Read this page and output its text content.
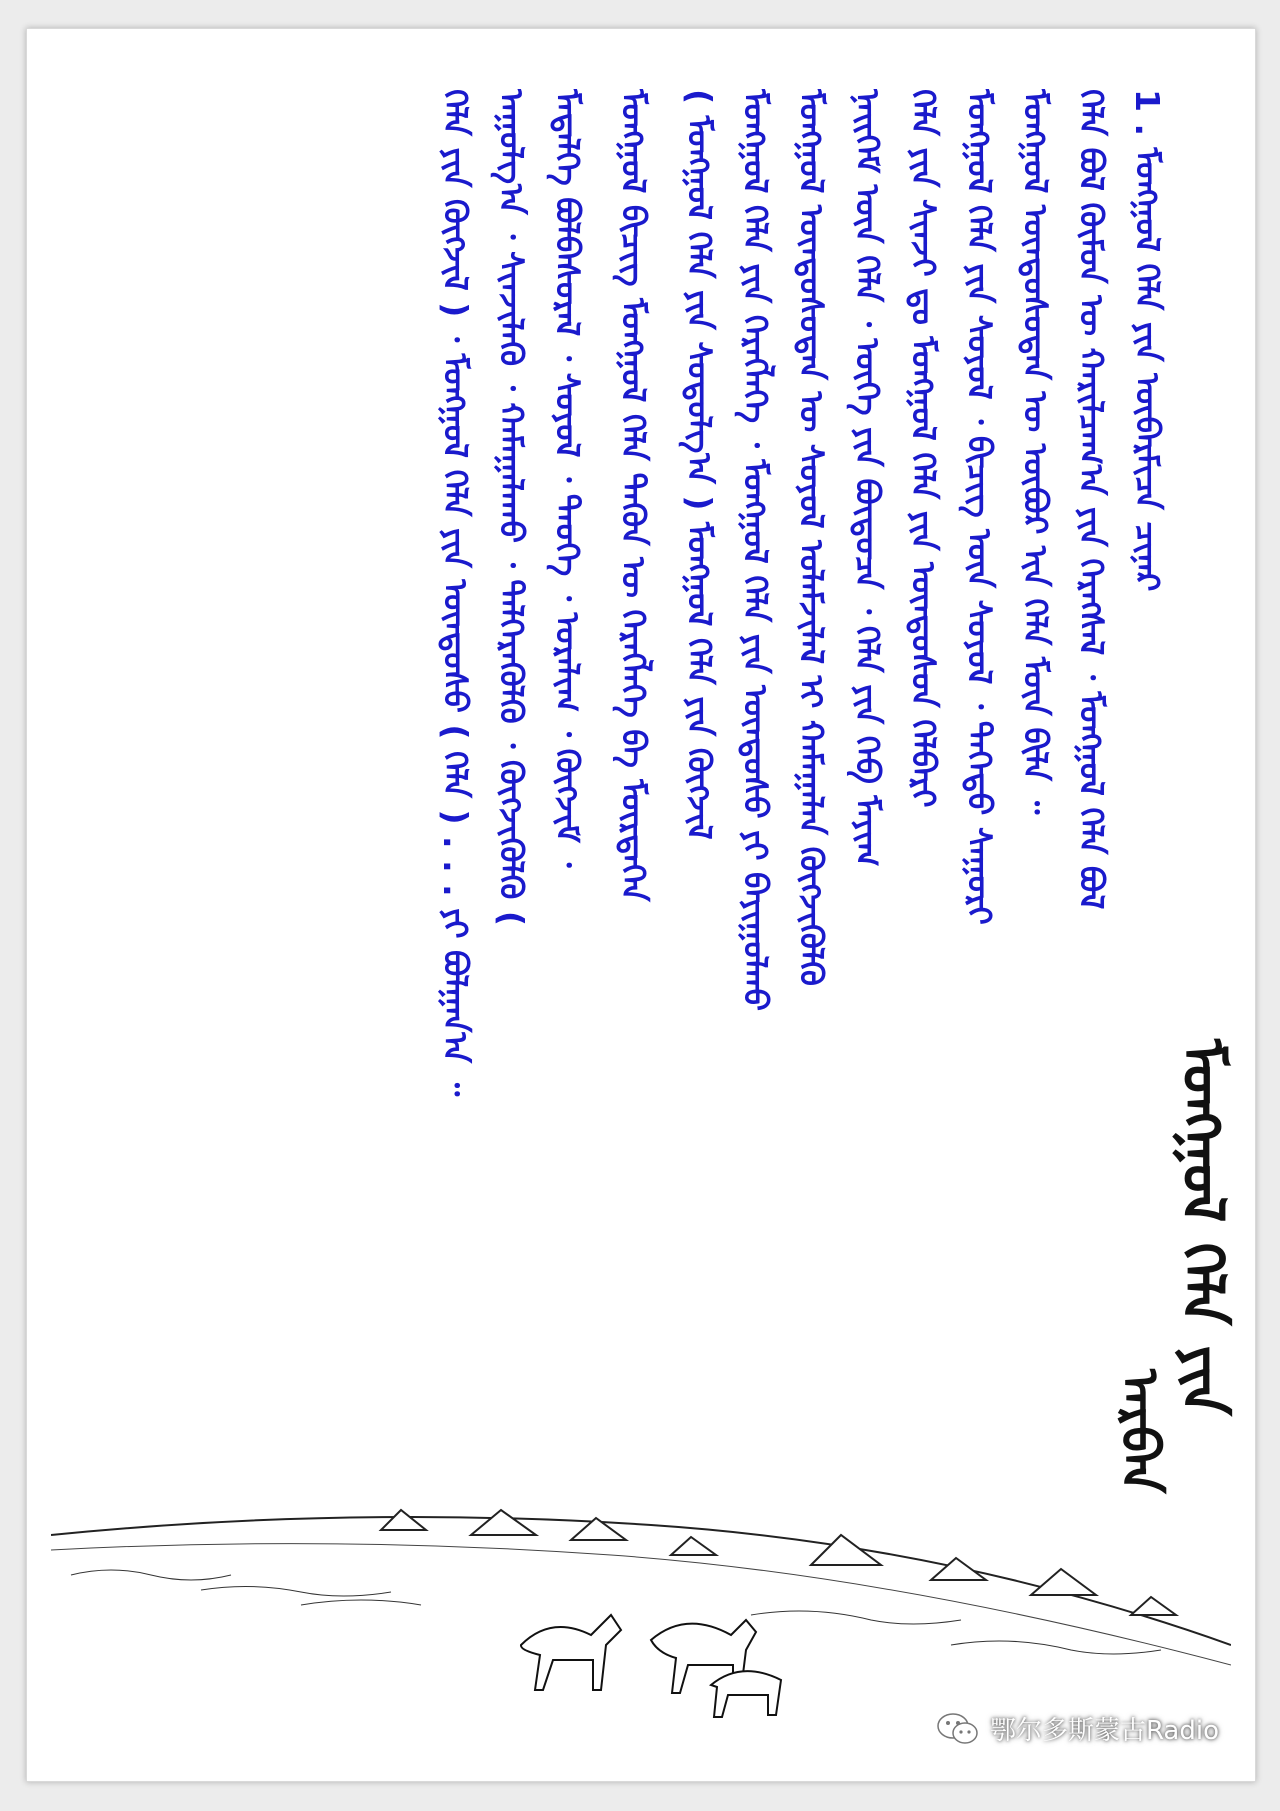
1 . ᠮᠣᠩᠭᠣᠯ ᠬᠡᠯᠡ ᠶᠢᠨ ᠥᠪᠡᠷᠮᠢᠴᠡ ᠴᠢᠨᠠᠷ

ᠬᠡᠯᠡ ᠪᠣᠯ ᠬᠦᠮᠦᠨ ᠦ ᠬᠠᠷᠢᠯᠴᠠᠭ᠎ᠠ ᠶᠢᠨ ᠬᠡᠷᠡᠭᠰᠡᠯ ᠂ ᠮᠣᠩᠭᠣᠯ ᠬᠡᠯᠡ ᠪᠣᠯ

ᠮᠣᠩᠭᠣᠯ ᠦᠨᠳᠦᠰᠦᠲᠡᠨ ᠦ ᠥᠪᠦᠷ ᠢᠨ ᠬᠡᠯᠡ ᠮᠥᠨ ᠪᠢᠯᠡ ᠃

ᠮᠣᠩᠭᠣᠯ ᠬᠡᠯᠡ ᠶᠢᠨ ᠰᠣᠶᠣᠯ ᠂ ᠪᠢᠴᠢᠭ ᠦᠨ ᠰᠣᠶᠣᠯ ᠂ ᠳᠡᠭᠡᠳᠦ ᠰᠠᠭᠤᠷᠢ

ᠬᠡᠯᠡ ᠶᠢᠨ ᠰᠢᠨᠵᠢ ᠳᠤ ᠮᠣᠩᠭᠣᠯ ᠬᠡᠯᠡ ᠶᠢᠨ ᠦᠨᠳᠦᠰᠦᠨ ᠬᠡᠯᠪᠡᠷᠢ

ᠨᠡᠢᠭᠡᠮ ᠦᠨ ᠬᠡᠯᠡ ᠂ ᠦᠭᠡ ᠶᠢᠨ ᠪᠦᠲᠦᠴᠡ ᠂ ᠬᠡᠯᠡ ᠶᠢᠨ ᠬᠡᠪ ᠮᠠᠶᠢᠭ

ᠮᠣᠩᠭᠣᠯ ᠦᠨᠳᠦᠰᠦᠲᠡᠨ ᠦ ᠰᠣᠶᠣᠯ ᠤᠯᠠᠮᠵᠢᠯᠠᠯ ᠢ ᠬᠠᠮᠠᠭᠠᠯᠠᠨ ᠬᠥᠭᠵᠢᠭᠦᠯᠬᠦ

ᠮᠣᠩᠭᠣᠯ ᠬᠡᠯᠡ ᠶᠢᠨ ᠬᠡᠷᠡᠭᠯᠡᠭᠡ ᠂ ᠮᠣᠩᠭᠣᠯ ᠬᠡᠯᠡ ᠶᠢᠨ ᠦᠨᠳᠦᠰᠦ ᠶᠢ ᠪᠠᠶᠢᠭᠤᠯᠬᠤ

( ᠮᠣᠩᠭᠣᠯ ᠬᠡᠯᠡ ᠶᠢᠨ ᠰᠤᠳᠤᠯᠭ᠎ᠠ ) ᠮᠣᠩᠭᠣᠯ ᠬᠡᠯᠡ ᠶᠢᠨ ᠬᠥᠭᠵᠢᠯ

ᠮᠣᠩᠭᠣᠯ ᠪᠢᠴᠢᠭ ᠮᠣᠩᠭᠣᠯ ᠬᠡᠯᠡ ᠲᠡᠭᠦᠨ ᠦ ᠬᠡᠷᠡᠭᠯᠡᠭᠡ ᠪᠠ ᠮᠥᠷᠲᠡᠭᠡᠨ

ᠮᠡᠳᠡᠯᠭᠡ ᠪᠣᠯᠪᠠᠰᠤᠷᠠᠯ ᠂ ᠰᠣᠶᠣᠯ ᠂ ᠲᠡᠦᠬᠡ ᠂ ᠤᠷᠠᠯᠢᠭ ᠂ ᠬᠥᠭᠵᠢᠮ ᠂

ᠠᠭᠤᠯᠭ᠎ᠠ ᠂ ᠰᠢᠨᠵᠢᠯᠡᠬᠦ ᠂ ᠬᠠᠮᠠᠭᠠᠯᠠᠬᠤ ᠂ ᠳᠡᠯᠭᠡᠷᠡᠭᠦᠯᠬᠦ ᠂ ᠬᠥᠭᠵᠢᠭᠦᠯᠬᠦ (

ᠬᠡᠯᠡ ᠶᠢᠨ ᠬᠥᠭᠵᠢᠯ ) ᠂ ᠮᠣᠩᠭᠣᠯ ᠬᠡᠯᠡ ᠶᠢᠨ ᠦᠨᠳᠦᠰᠦ ( ᠬᠡᠯᠡ ) . . . ᠶᠢ ᠪᠣᠯᠭᠠᠨ᠎ᠠ ᠃

ᠮᠣᠩᠭᠣᠯ ᠬᠡᠯᠡ ᠶᠢᠨ
ᠠᠷᠪᠠᠨ
鄂尔多斯蒙古Radio
